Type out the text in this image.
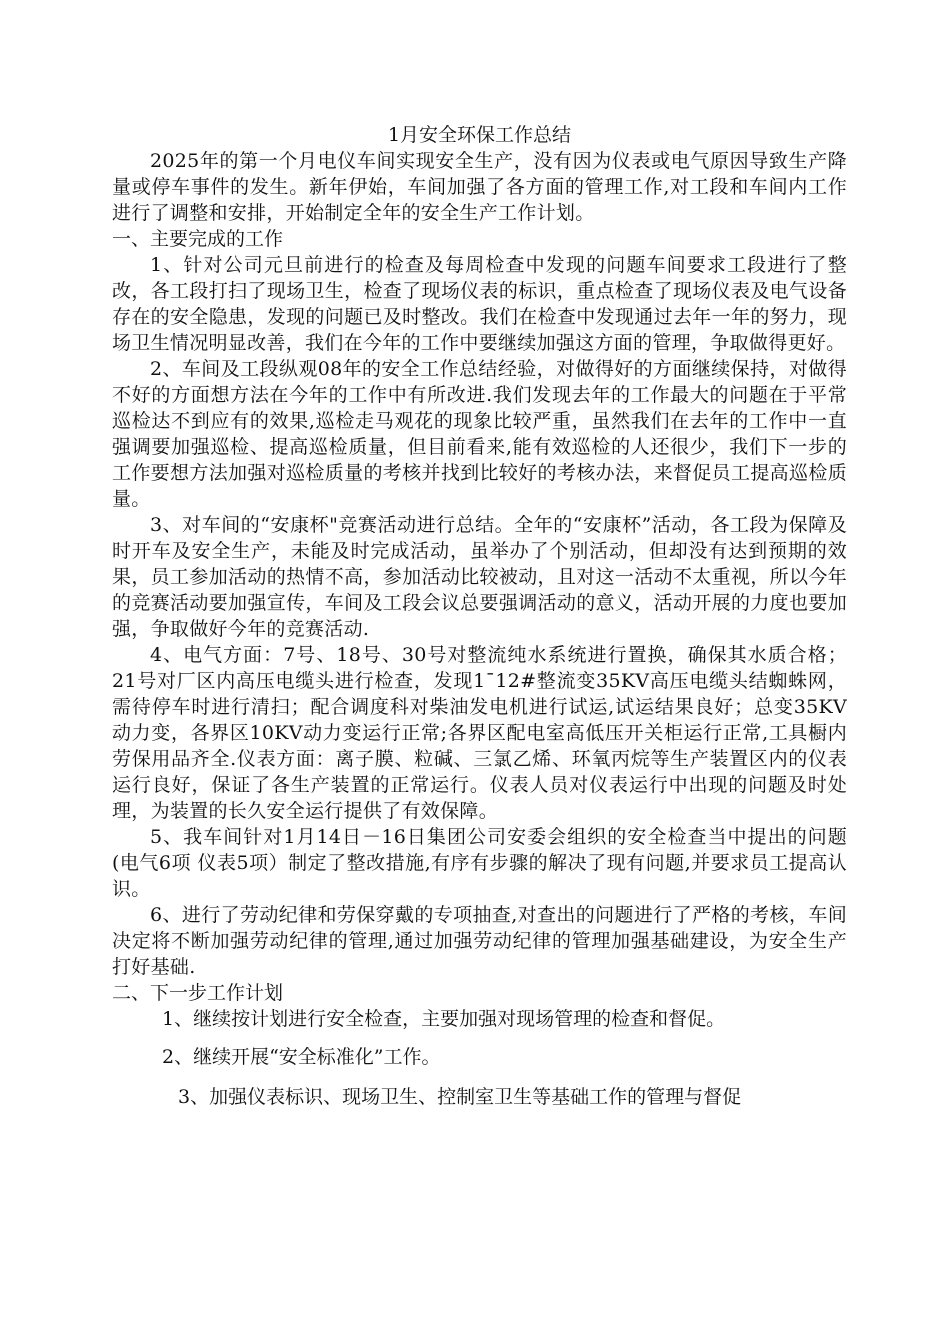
1月安全环保工作总结

2025年的第一个月电仪车间实现安全生产，没有因为仪表或电气原因导致生产降量或停车事件的发生。新年伊始，车间加强了各方面的管理工作,对工段和车间内工作进行了调整和安排，开始制定全年的安全生产工作计划。

一、主要完成的工作

1、针对公司元旦前进行的检查及每周检查中发现的问题车间要求工段进行了整改，各工段打扫了现场卫生，检查了现场仪表的标识，重点检查了现场仪表及电气设备存在的安全隐患，发现的问题已及时整改。我们在检查中发现通过去年一年的努力，现场卫生情况明显改善，我们在今年的工作中要继续加强这方面的管理，争取做得更好。

2、车间及工段纵观08年的安全工作总结经验，对做得好的方面继续保持，对做得不好的方面想方法在今年的工作中有所改进.我们发现去年的工作最大的问题在于平常巡检达不到应有的效果,巡检走马观花的现象比较严重，虽然我们在去年的工作中一直强调要加强巡检、提高巡检质量，但目前看来,能有效巡检的人还很少，我们下一步的工作要想方法加强对巡检质量的考核并找到比较好的考核办法，来督促员工提高巡检质量。

3、对车间的“安康杯"竞赛活动进行总结。全年的“安康杯”活动，各工段为保障及时开车及安全生产，未能及时完成活动，虽举办了个别活动，但却没有达到预期的效果，员工参加活动的热情不高，参加活动比较被动，且对这一活动不太重视，所以今年的竞赛活动要加强宣传，车间及工段会议总要强调活动的意义，活动开展的力度也要加强，争取做好今年的竞赛活动.

4、电气方面：7号、18号、30号对整流纯水系统进行置换，确保其水质合格；21号对厂区内高压电缆头进行检查，发现1¯12#整流变35KV高压电缆头结蜘蛛网，需待停车时进行清扫；配合调度科对柴油发电机进行试运,试运结果良好；总变35KV动力变，各界区10KV动力变运行正常;各界区配电室高低压开关柜运行正常,工具橱内劳保用品齐全.仪表方面：离子膜、粒碱、三氯乙烯、环氧丙烷等生产装置区内的仪表运行良好，保证了各生产装置的正常运行。仪表人员对仪表运行中出现的问题及时处理，为装置的长久安全运行提供了有效保障。

5、我车间针对1月14日－16日集团公司安委会组织的安全检查当中提出的问题(电气6项 仪表5项）制定了整改措施,有序有步骤的解决了现有问题,并要求员工提高认识。

6、进行了劳动纪律和劳保穿戴的专项抽查,对查出的问题进行了严格的考核，车间决定将不断加强劳动纪律的管理,通过加强劳动纪律的管理加强基础建设，为安全生产打好基础.

二、下一步工作计划

1、继续按计划进行安全检查，主要加强对现场管理的检查和督促。

2、继续开展“安全标准化”工作。

3、加强仪表标识、现场卫生、控制室卫生等基础工作的管理与督促
